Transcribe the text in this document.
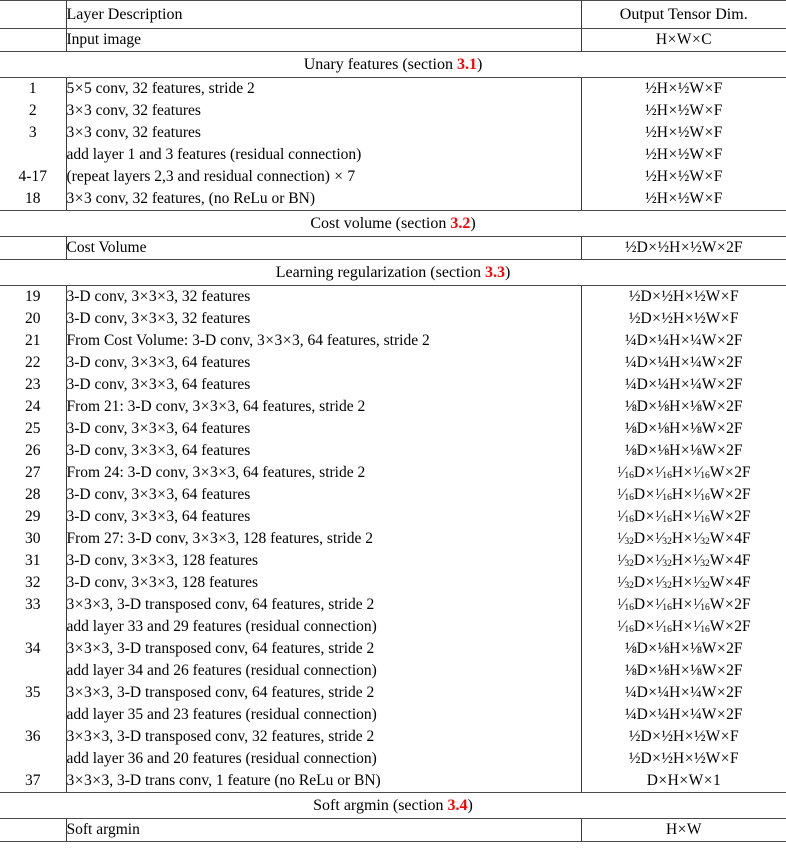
	Layer Description	Output Tensor Dim.
	Input image	H×W×C
Unary features (section 3.1)		
1	5×5 conv, 32 features, stride 2	½H×½W×F
2	3×3 conv, 32 features	½H×½W×F
3	3×3 conv, 32 features	½H×½W×F
	add layer 1 and 3 features (residual connection)	½H×½W×F
4-17	(repeat layers 2,3 and residual connection) × 7	½H×½W×F
18	3×3 conv, 32 features, (no ReLu or BN)	½H×½W×F
Cost volume (section 3.2)		
	Cost Volume	½D×½H×½W×2F
Learning regularization (section 3.3)		
19	3-D conv, 3×3×3, 32 features	½D×½H×½W×F
20	3-D conv, 3×3×3, 32 features	½D×½H×½W×F
21	From Cost Volume: 3-D conv, 3×3×3, 64 features, stride 2	¼D×¼H×¼W×2F
22	3-D conv, 3×3×3, 64 features	¼D×¼H×¼W×2F
23	3-D conv, 3×3×3, 64 features	¼D×¼H×¼W×2F
24	From 21: 3-D conv, 3×3×3, 64 features, stride 2	⅛D×⅛H×⅛W×2F
25	3-D conv, 3×3×3, 64 features	⅛D×⅛H×⅛W×2F
26	3-D conv, 3×3×3, 64 features	⅛D×⅛H×⅛W×2F
27	From 24: 3-D conv, 3×3×3, 64 features, stride 2	$^1⁄_{16}D\times^1⁄_{16}H\times^1⁄_{16}W\times 2F$
28	3-D conv, 3×3×3, 64 features	$^1⁄_{16}D\times^1⁄_{16}H\times^1⁄_{16}W\times 2F$
29	3-D conv, 3×3×3, 64 features	$^1⁄_{16}D\times^1⁄_{16}H\times^1⁄_{16}W\times 2F$
30	From 27: 3-D conv, 3×3×3, 128 features, stride 2	$^1⁄_{32}D\times^1⁄_{32}H\times^1⁄_{32}W\times 4F$
31	3-D conv, 3×3×3, 128 features	$^1⁄_{32}D\times^1⁄_{32}H\times^1⁄_{32}W\times 4F$
32	3-D conv, 3×3×3, 128 features	$^1⁄_{32}D\times^1⁄_{32}H\times^1⁄_{32}W\times 4F$
33	3×3×3, 3-D transposed conv, 64 features, stride 2	$^1⁄_{16}D\times^1⁄_{16}H\times^1⁄_{16}W\times 2F$
	add layer 33 and 29 features (residual connection)	$^1⁄_{16}D\times^1⁄_{16}H\times^1⁄_{16}W\times 2F$
34	3×3×3, 3-D transposed conv, 64 features, stride 2	⅛D×⅛H×⅛W×2F
	add layer 34 and 26 features (residual connection)	⅛D×⅛H×⅛W×2F
35	3×3×3, 3-D transposed conv, 64 features, stride 2	¼D×¼H×¼W×2F
	add layer 35 and 23 features (residual connection)	¼D×¼H×¼W×2F
36	3×3×3, 3-D transposed conv, 32 features, stride 2	½D×½H×½W×F
	add layer 36 and 20 features (residual connection)	½D×½H×½W×F
37	3×3×3, 3-D trans conv, 1 feature (no ReLu or BN)	D×H×W×1
Soft argmin (section 3.4)		
	Soft argmin	H×W
